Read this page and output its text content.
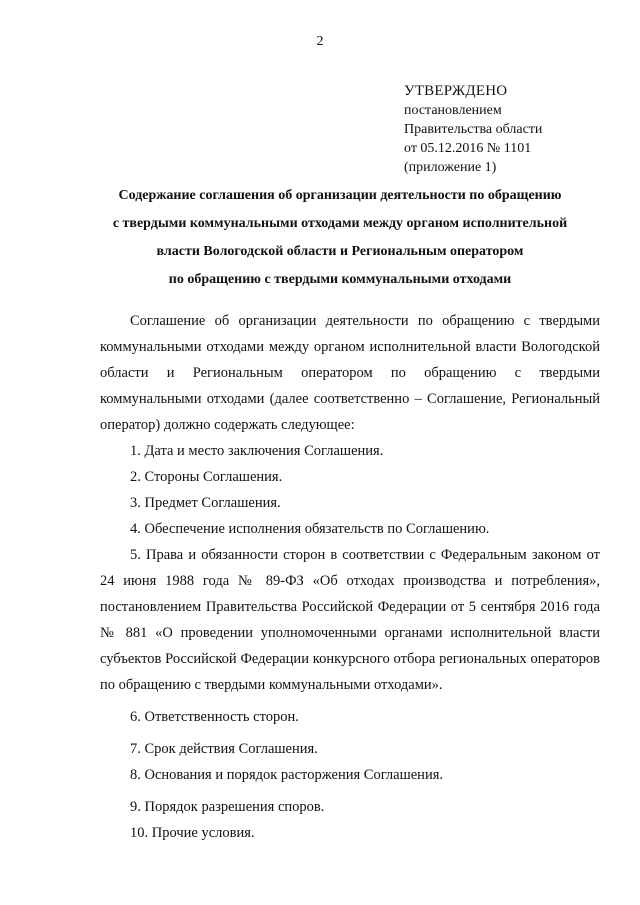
2
УТВЕРЖДЕНО
постановлением
Правительства области
от 05.12.2016 № 1101
(приложение 1)
Содержание соглашения об организации деятельности по обращению
с твердыми коммунальными отходами между органом исполнительной
власти Вологодской области и Региональным оператором
по обращению с твердыми коммунальными отходами

Соглашение об организации деятельности по обращению с твердыми коммунальными отходами между органом исполнительной власти Вологодской области и Региональным оператором по обращению с твердыми коммунальными отходами (далее соответственно – Соглашение, Региональный оператор) должно содержать следующее:

1. Дата и место заключения Соглашения.

2. Стороны Соглашения.

3. Предмет Соглашения.

4. Обеспечение исполнения обязательств по Соглашению.

5. Права и обязанности сторон в соответствии с Федеральным законом от 24 июня 1988 года № 89-ФЗ «Об отходах производства и потребления», постановлением Правительства Российской Федерации от 5 сентября 2016 года № 881 «О проведении уполномоченными органами исполнительной власти субъектов Российской Федерации конкурсного отбора региональных операторов по обращению с твердыми коммунальными отходами».

6. Ответственность сторон.

7. Срок действия Соглашения.

8. Основания и порядок расторжения Соглашения.

9. Порядок разрешения споров.

10. Прочие условия.
